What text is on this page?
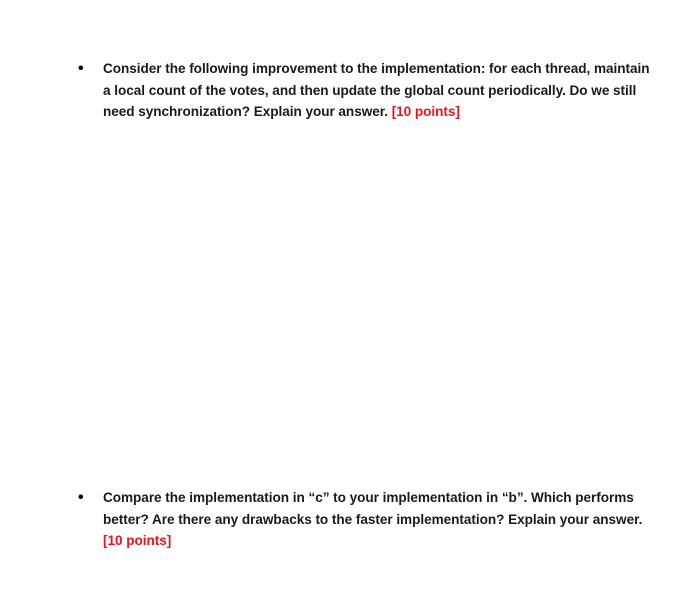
•	Consider the following improvement to the implementation: for each thread, maintain a local count of the votes, and then update the global count periodically. Do we still need synchronization? Explain your answer. [10 points]
•	Compare the implementation in “c” to your implementation in “b”. Which performs better? Are there any drawbacks to the faster implementation? Explain your answer. [10 points]
